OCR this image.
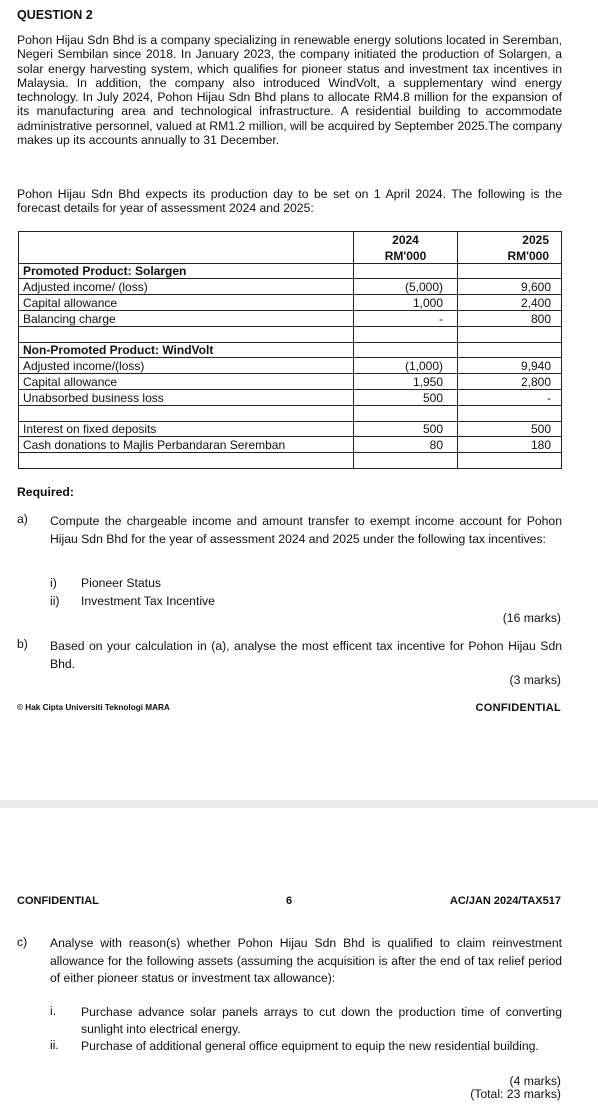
QUESTION 2
Pohon Hijau Sdn Bhd is a company specializing in renewable energy solutions located in Seremban, Negeri Sembilan since 2018. In January 2023, the company initiated the production of Solargen, a solar energy harvesting system, which qualifies for pioneer status and investment tax incentives in Malaysia. In addition, the company also introduced WindVolt, a supplementary wind energy technology. In July 2024, Pohon Hijau Sdn Bhd plans to allocate RM4.8 million for the expansion of its manufacturing area and technological infrastructure. A residential building to accommodate administrative personnel, valued at RM1.2 million, will be acquired by September 2025.The company makes up its accounts annually to 31 December.
Pohon Hijau Sdn Bhd expects its production day to be set on 1 April 2024. The following is the forecast details for year of assessment 2024 and 2025:
	2024	2025
	RM'000	RM'000
Promoted Product: Solargen		
Adjusted income/ (loss)	(5,000)	9,600
Capital allowance	1,000	2,400
Balancing charge	-	800

Non-Promoted Product: WindVolt		
Adjusted income/(loss)	(1,000)	9,940
Capital allowance	1,950	2,800
Unabsorbed business loss	500	-

Interest on fixed deposits	500	500
Cash donations to Majlis Perbandaran Seremban	80	180

Required:
a) Compute the chargeable income and amount transfer to exempt income account for Pohon Hijau Sdn Bhd for the year of assessment 2024 and 2025 under the following tax incentives:
i) Pioneer Status
ii) Investment Tax Incentive
(16 marks)
b) Based on your calculation in (a), analyse the most efficent tax incentive for Pohon Hijau Sdn Bhd.
(3 marks)
© Hak Cipta Universiti Teknologi MARA	CONFIDENTIAL
CONFIDENTIAL	6	AC/JAN 2024/TAX517
c) Analyse with reason(s) whether Pohon Hijau Sdn Bhd is qualified to claim reinvestment allowance for the following assets (assuming the acquisition is after the end of tax relief period of either pioneer status or investment tax allowance):
i. Purchase advance solar panels arrays to cut down the production time of converting sunlight into electrical energy.
ii. Purchase of additional general office equipment to equip the new residential building.
(4 marks)
(Total: 23 marks)
